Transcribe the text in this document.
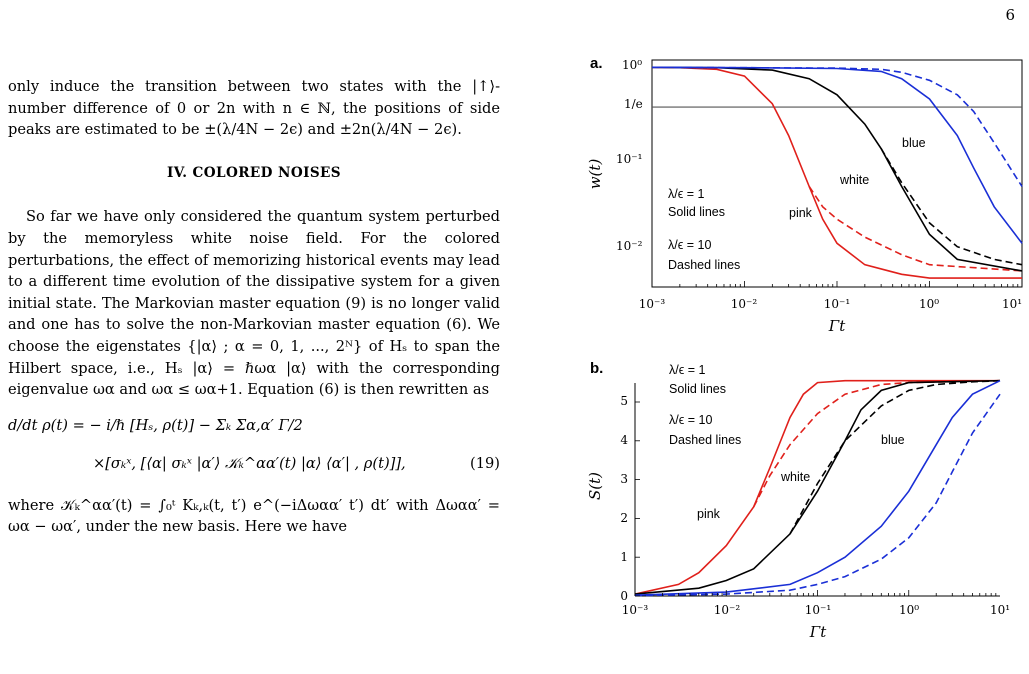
6

only induce the transition between two states with the |↑⟩-number difference of 0 or 2n with n ∈ ℕ, the positions of side peaks are estimated to be ±(λ/4N − 2ϵ) and ±2n(λ/4N − 2ϵ).

IV. COLORED NOISES

So far we have only considered the quantum system perturbed by the memoryless white noise field. For the colored perturbations, the effect of memorizing historical events may lead to a different time evolution of the dissipative system for a given initial state. The Markovian master equation (9) is no longer valid and one has to solve the non-Markovian master equation (6). We choose the eigenstates {|α⟩ ; α = 0, 1, ..., 2ᴺ} of Hₛ to span the Hilbert space, i.e., Hₛ |α⟩ = ℏωα |α⟩ with the corresponding eigenvalue ωα and ωα ≤ ωα+1. Equation (6) is then rewritten as

d/dt ρ(t) = − i/ℏ [Hₛ, ρ(t)] − Σₖ Σα,α′ Γ/2
×[σₖˣ, [⟨α| σₖˣ |α′⟩ 𝒦ₖ^αα′(t) |α⟩ ⟨α′| , ρ(t)]],	(19)

where 𝒦ₖ^αα′(t) = ∫₀ᵗ Kₖ,ₖ(t, t′) e^(−iΔωαα′ t′) dt′ with Δωαα′ = ωα − ωα′, under the new basis. Here we have

a. 10⁰
1/e
10⁻¹
10⁻²
10⁻³	10⁻²	10⁻¹	10⁰	10¹
Γt
w(t)
λ/ϵ = 1
Solid lines
λ/ϵ = 10
Dashed lines
pink
white
blue
b.
0
1
2
3
4
5
10⁻³	10⁻²	10⁻¹	10⁰	10¹
Γt
S(t)
λ/ϵ = 1
Solid lines
λ/ϵ = 10
Dashed lines
pink
white
blue
